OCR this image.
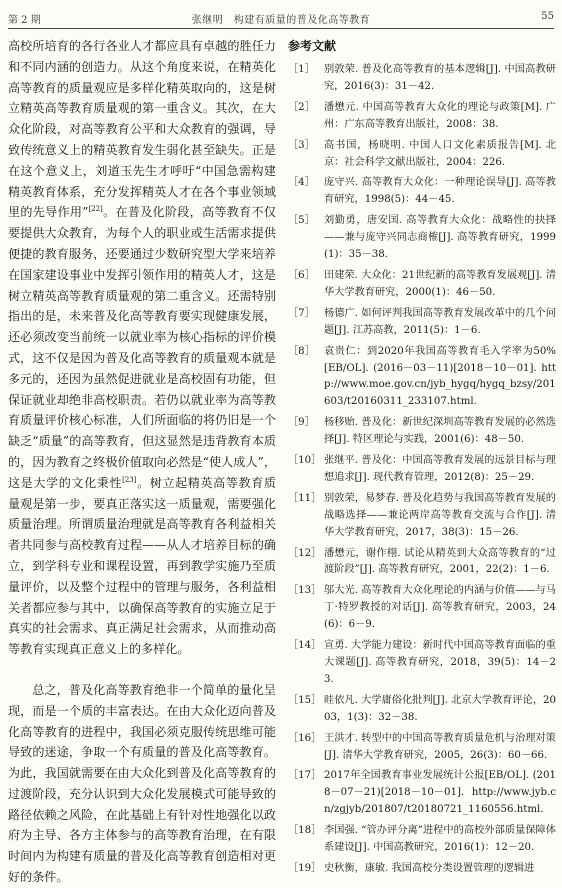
第 2 期	张继明　构建有质量的普及化高等教育	55

高校所培育的各行各业人才都应具有卓越的胜任力和不同内涵的创造力。从这个角度来说，在精英化高等教育的质量观应是多样化精英取向的，这是树立精英高等教育质量观的第一重含义。其次，在大众化阶段，对高等教育公平和大众教育的强调，导致传统意义上的精英教育发生弱化甚至缺失。正是在这个意义上，刘道玉先生才呼吁“中国急需构建精英教育体系，充分发挥精英人才在各个事业领域里的先导作用”[22]。在普及化阶段，高等教育不仅要提供大众教育，为每个人的职业或生活需求提供便捷的教育服务，还要通过少数研究型大学来培养在国家建设事业中发挥引领作用的精英人才，这是树立精英高等教育质量观的第二重含义。还需特别指出的是，未来普及化高等教育要实现健康发展，还必须改变当前统一以就业率为核心指标的评价模式，这不仅是因为普及化高等教育的质量观本就是多元的，还因为虽然促进就业是高校固有功能，但保证就业却绝非高校职责。若仍以就业率为高等教育质量评价核心标准，人们所面临的将仍旧是一个缺乏“质量”的高等教育，但这显然是违背教育本质的，因为教育之终极价值取向必然是“使人成人”，这是大学的文化秉性[23]。树立起精英高等教育质量观是第一步，要真正落实这一质量观，需要强化质量治理。所谓质量治理就是高等教育各利益相关者共同参与高校教育过程——从人才培养目标的确立，到学科专业和课程设置，再到教学实施乃至质量评价，以及整个过程中的管理与服务，各利益相关者都应参与其中，以确保高等教育的实施立足于真实的社会需求、真正满足社会需求，从而推动高等教育实现真正意义上的多样化。

总之，普及化高等教育绝非一个简单的量化呈现，而是一个质的丰富表达。在由大众化迈向普及化高等教育的进程中，我国必须克服传统思维可能导致的迷途，争取一个有质量的普及化高等教育。为此，我国就需要在由大众化到普及化高等教育的过渡阶段，充分认识到大众化发展模式可能导致的路径依赖之风险，在此基础上有针对性地强化以政府为主导、各方主体参与的高等教育治理，在有限时间内为构建有质量的普及化高等教育创造相对更好的条件。

参考文献
［1］ 别敦荣. 普及化高等教育的基本逻辑[J]. 中国高教研究，2016(3)：31－42.
［2］ 潘懋元. 中国高等教育大众化的理论与政策[M]. 广州：广东高等教育出版社，2008：38.
［3］ 高书国，杨晓明. 中国人口文化素质报告[M]. 北京：社会科学文献出版社，2004：226.
［4］ 庞守兴. 高等教育大众化：一种理论误导[J]. 高等教育研究，1998(5)：44－45.
［5］ 刘勤勇，唐安国. 高等教育大众化：战略性的抉择——兼与庞守兴同志商榷[J]. 高等教育研究，1999(1)：35－38.
［6］ 田建荣. 大众化：21世纪新的高等教育发展观[J]. 清华大学教育研究，2000(1)：46－50.
［7］ 杨德广. 如何评判我国高等教育发展改革中的几个问题[J]. 江苏高教，2011(5)：1－6.
［8］ 袁贵仁：到2020年我国高等教育毛入学率为50%[EB/OL]. (2016－03－11)[2018－10－01]. http://www.moe.gov.cn/jyb_hygq/hygq_bzsy/201603/t20160311_233107.html.
［9］ 杨移贻. 普及化：新世纪深圳高等教育发展的必然选择[J]. 特区理论与实践，2001(6)：48－50.
［10］ 张继平. 普及化：中国高等教育发展的远景目标与理想追求[J]. 现代教育管理，2012(8)：25－29.
［11］ 别敦荣，易梦春. 普及化趋势与我国高等教育发展的战略选择——兼论两岸高等教育交流与合作[J]. 清华大学教育研究，2017，38(3)：15－26.
［12］ 潘懋元，谢作栩. 试论从精英到大众高等教育的“过渡阶段”[J]. 高等教育研究，2001，22(2)：1－6.
［13］ 邬大光. 高等教育大众化理论的内涵与价值——与马丁·特罗教授的对话[J]. 高等教育研究，2003，24(6)：6－9.
［14］ 宣勇. 大学能力建设：新时代中国高等教育面临的重大课题[J]. 高等教育研究，2018，39(5)：14－23.
［15］ 眭依凡. 大学庸俗化批判[J]. 北京大学教育评论，2003，1(3)：32－38.
［16］ 王洪才. 转型中的中国高等教育质量危机与治理对策[J]. 清华大学教育研究，2005，26(3)：60－66.
［17］ 2017年全国教育事业发展统计公报[EB/OL]. (2018－07－21)[2018－10－01]. http://www.jyb.cn/zgjyb/201807/t20180721_1160556.html.
［18］ 李国强. “管办评分离”进程中的高校外部质量保障体系建设[J]. 中国高教研究，2016(1)：12－20.
［19］ 史秋衡，康敏. 我国高校分类设置管理的逻辑进
